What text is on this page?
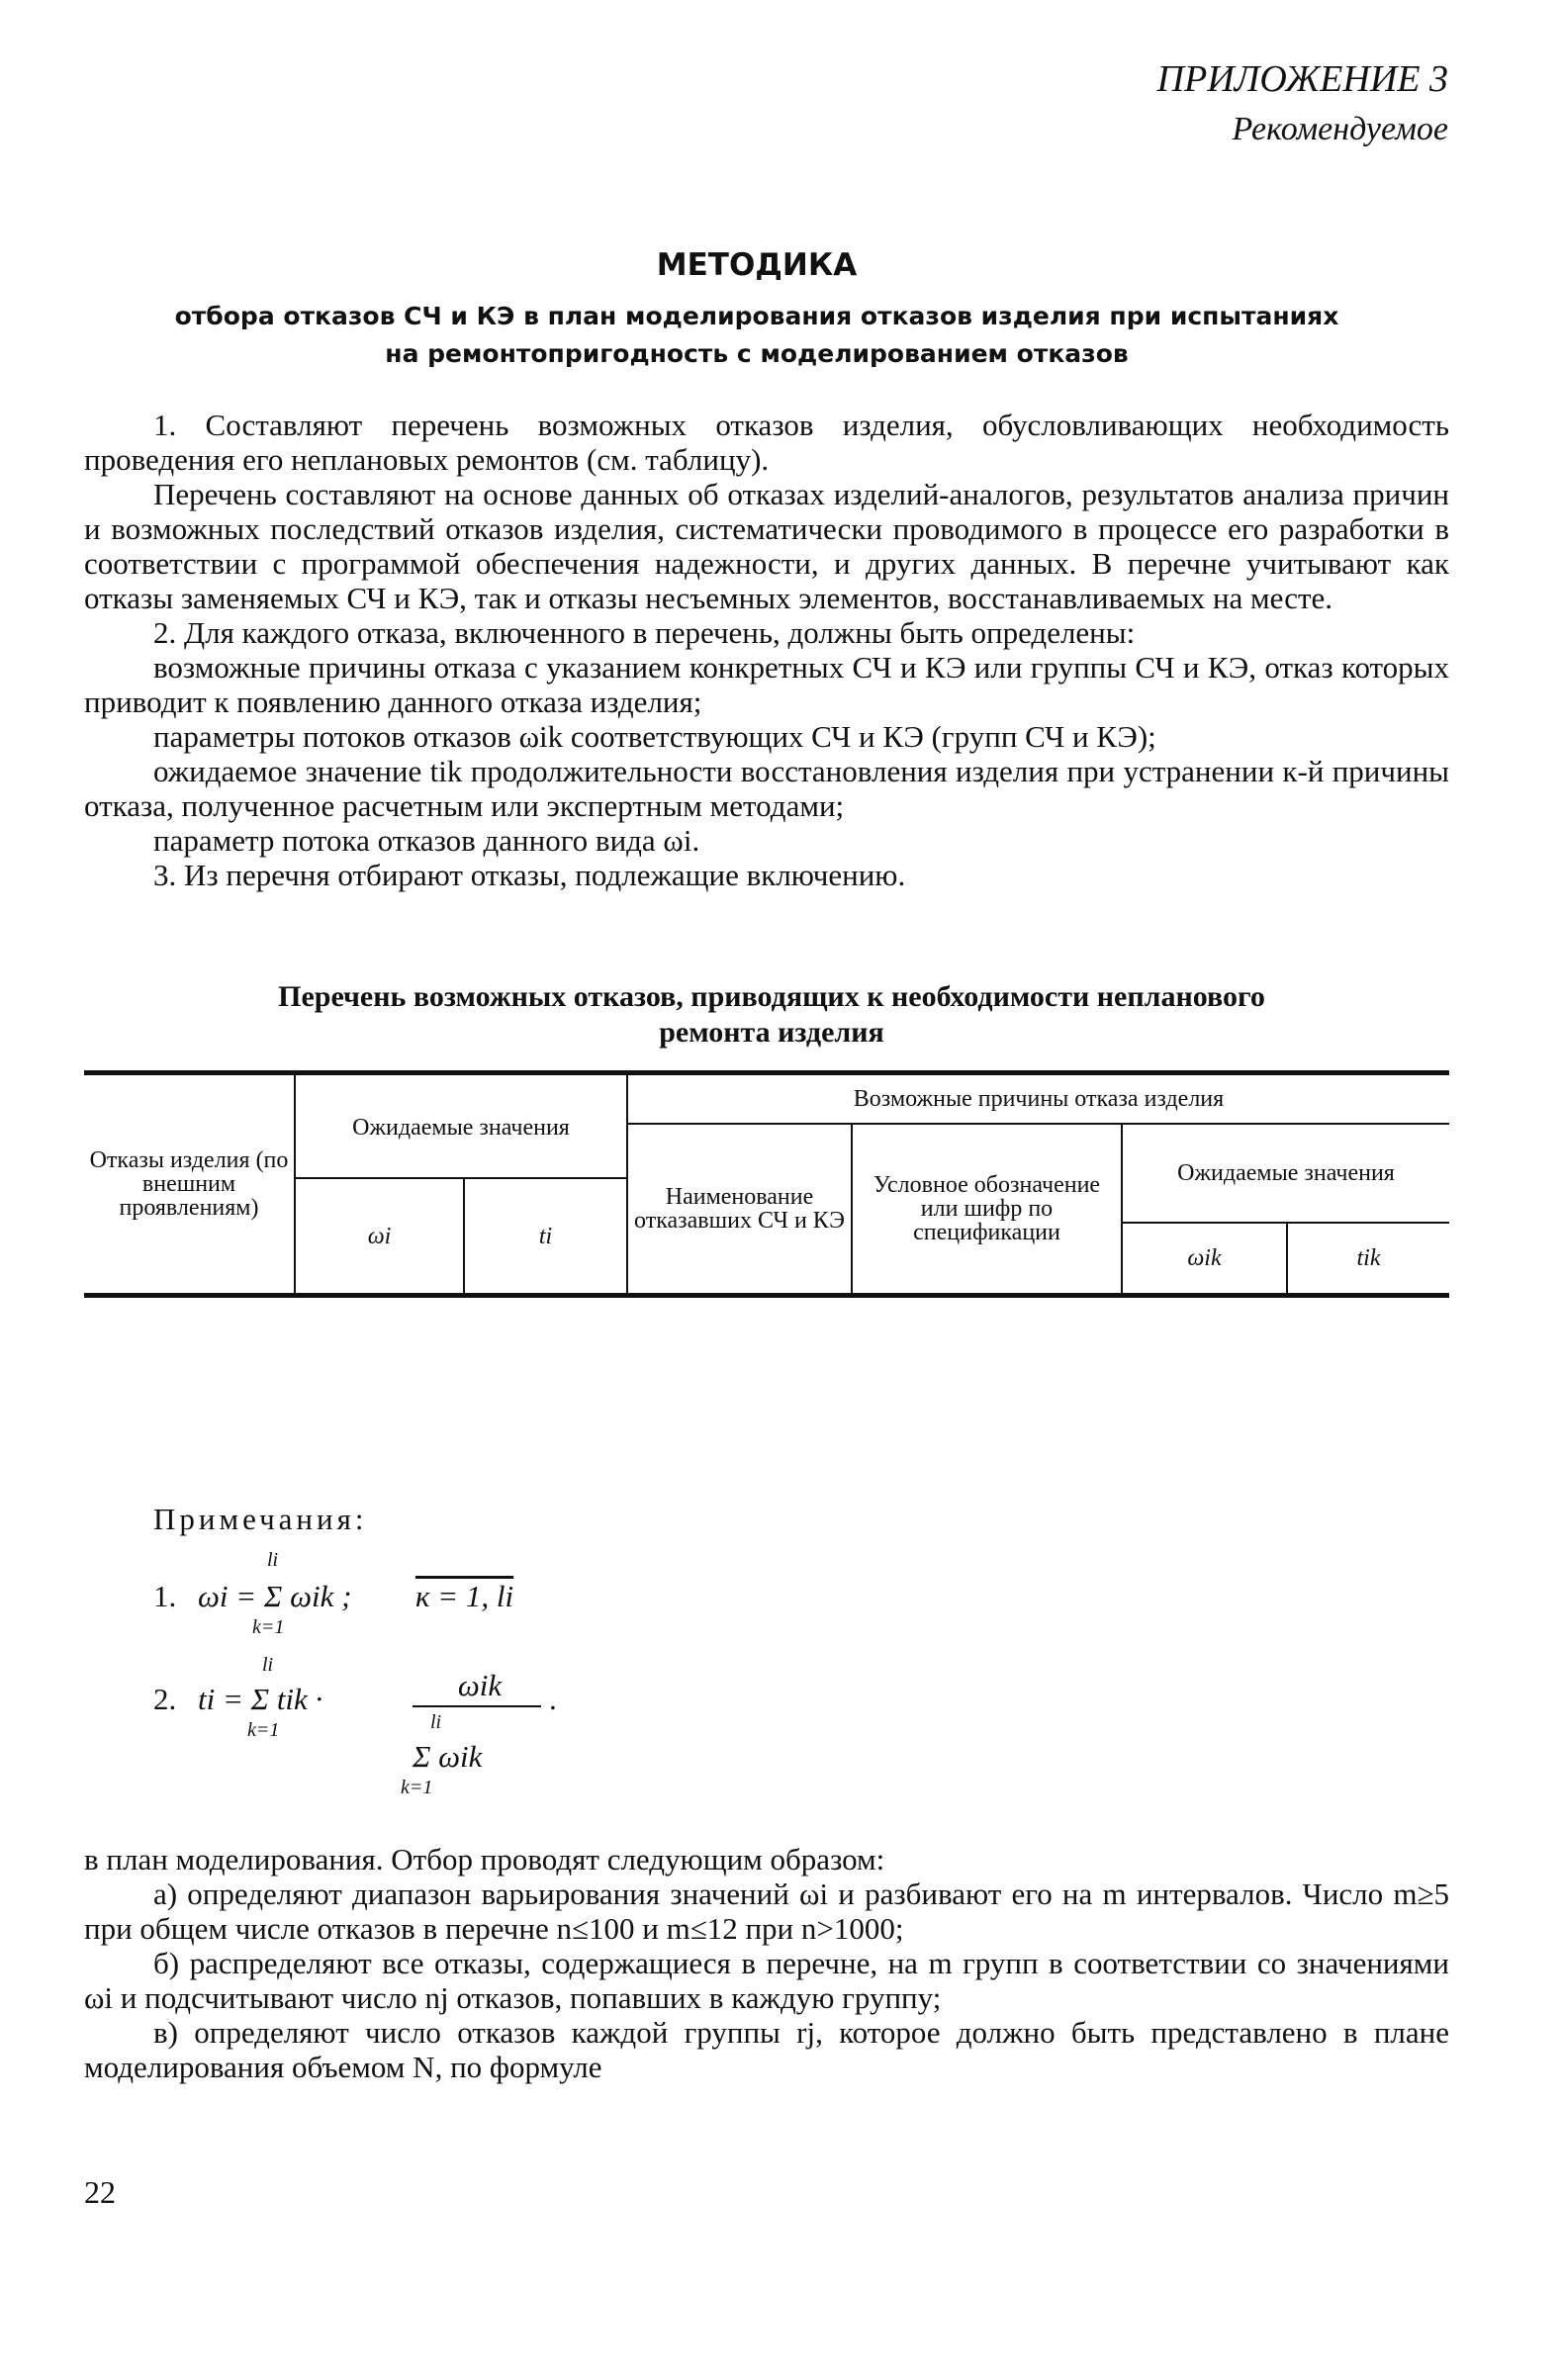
ПРИЛОЖЕНИЕ 3
Рекомендуемое
МЕТОДИКА
отбора отказов СЧ и КЭ в план моделирования отказов изделия при испытаниях
на ремонтопригодность с моделированием отказов

1. Составляют перечень возможных отказов изделия, обусловливающих необходимость проведения его неплановых ремонтов (см. таблицу).

Перечень составляют на основе данных об отказах изделий-аналогов, результатов анализа причин и возможных последствий отказов изделия, систематически проводимого в процессе его разработки в соответствии с программой обеспечения надежности, и других данных. В перечне учитывают как отказы заменяемых СЧ и КЭ, так и отказы несъемных элементов, восстанавливаемых на месте.

2. Для каждого отказа, включенного в перечень, должны быть определены:

возможные причины отказа с указанием конкретных СЧ и КЭ или группы СЧ и КЭ, отказ которых приводит к появлению данного отказа изделия;

параметры потоков отказов ωik соответствующих СЧ и КЭ (групп СЧ и КЭ);

ожидаемое значение tik продолжительности восстановления изделия при устранении к-й причины отказа, полученное расчетным или экспертным методами;

параметр потока отказов данного вида ωi.

3. Из перечня отбирают отказы, подлежащие включению.

Перечень возможных отказов, приводящих к необходимости непланового
ремонта изделия
Отказы изделия (по внешним проявлениям)
Ожидаемые значения
ωi	ti
Возможные причины отказа изделия
Наименование отказавших СЧ и КЭ
Условное обозначение или шифр по спецификации
Ожидаемые значения
ωik	tik
Примечания:
1.
li
ωi = Σ ωik ; к = 1, li
k=1
2.
li
ti = Σ tik ·
k=1
ωik
li
Σ ωik
k=1
.

в план моделирования. Отбор проводят следующим образом:

а) определяют диапазон варьирования значений ωi и разбивают его на m интервалов. Число m≥5 при общем числе отказов в перечне n≤100 и m≤12 при n>1000;

б) распределяют все отказы, содержащиеся в перечне, на m групп в соответствии со значениями ωi и подсчитывают число nj отказов, попавших в каждую группу;

в) определяют число отказов каждой группы rj, которое должно быть представлено в плане моделирования объемом N, по формуле

22
